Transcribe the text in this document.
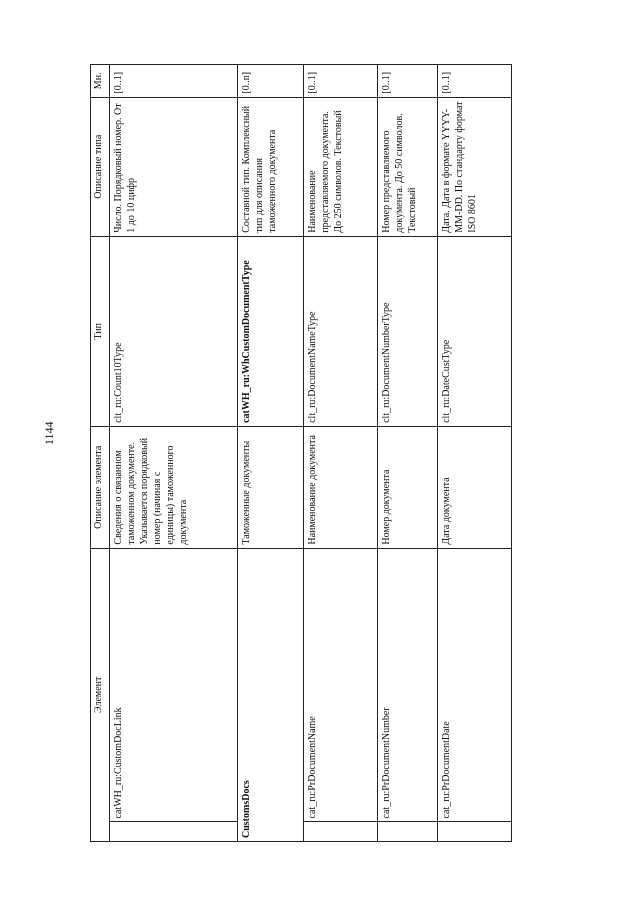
1144
Элемент		Описание элемента	Тип	Описание типа	Мн.
	catWH_ru:CustomDocLink	Сведения о связанном таможенном документе. Указывается порядковый номер (начиная с единицы) таможенного документа	clt_ru:Count10Type	Число. Порядковый номер. От 1 до 10 цифр	[0..1]
CustomsDocs		Таможенные документы	catWH_ru:WhCustomDocumentType	Составной тип. Комплексный тип для описания таможенного документа	[0..n]
	cat_ru:PrDocumentName	Наименование документа	clt_ru:DocumentNameType	Наименование представляемого документа. До 250 символов. Текстовый	[0..1]
	cat_ru:PrDocumentNumber	Номер документа	clt_ru:DocumentNumberType	Номер представляемого документа. До 50 символов. Текстовый	[0..1]
	cat_ru:PrDocumentDate	Дата документа	clt_ru:DateCustType	Дата. Дата в формате YYYY-MM-DD. По стандарту формат ISO 8601	[0..1]
